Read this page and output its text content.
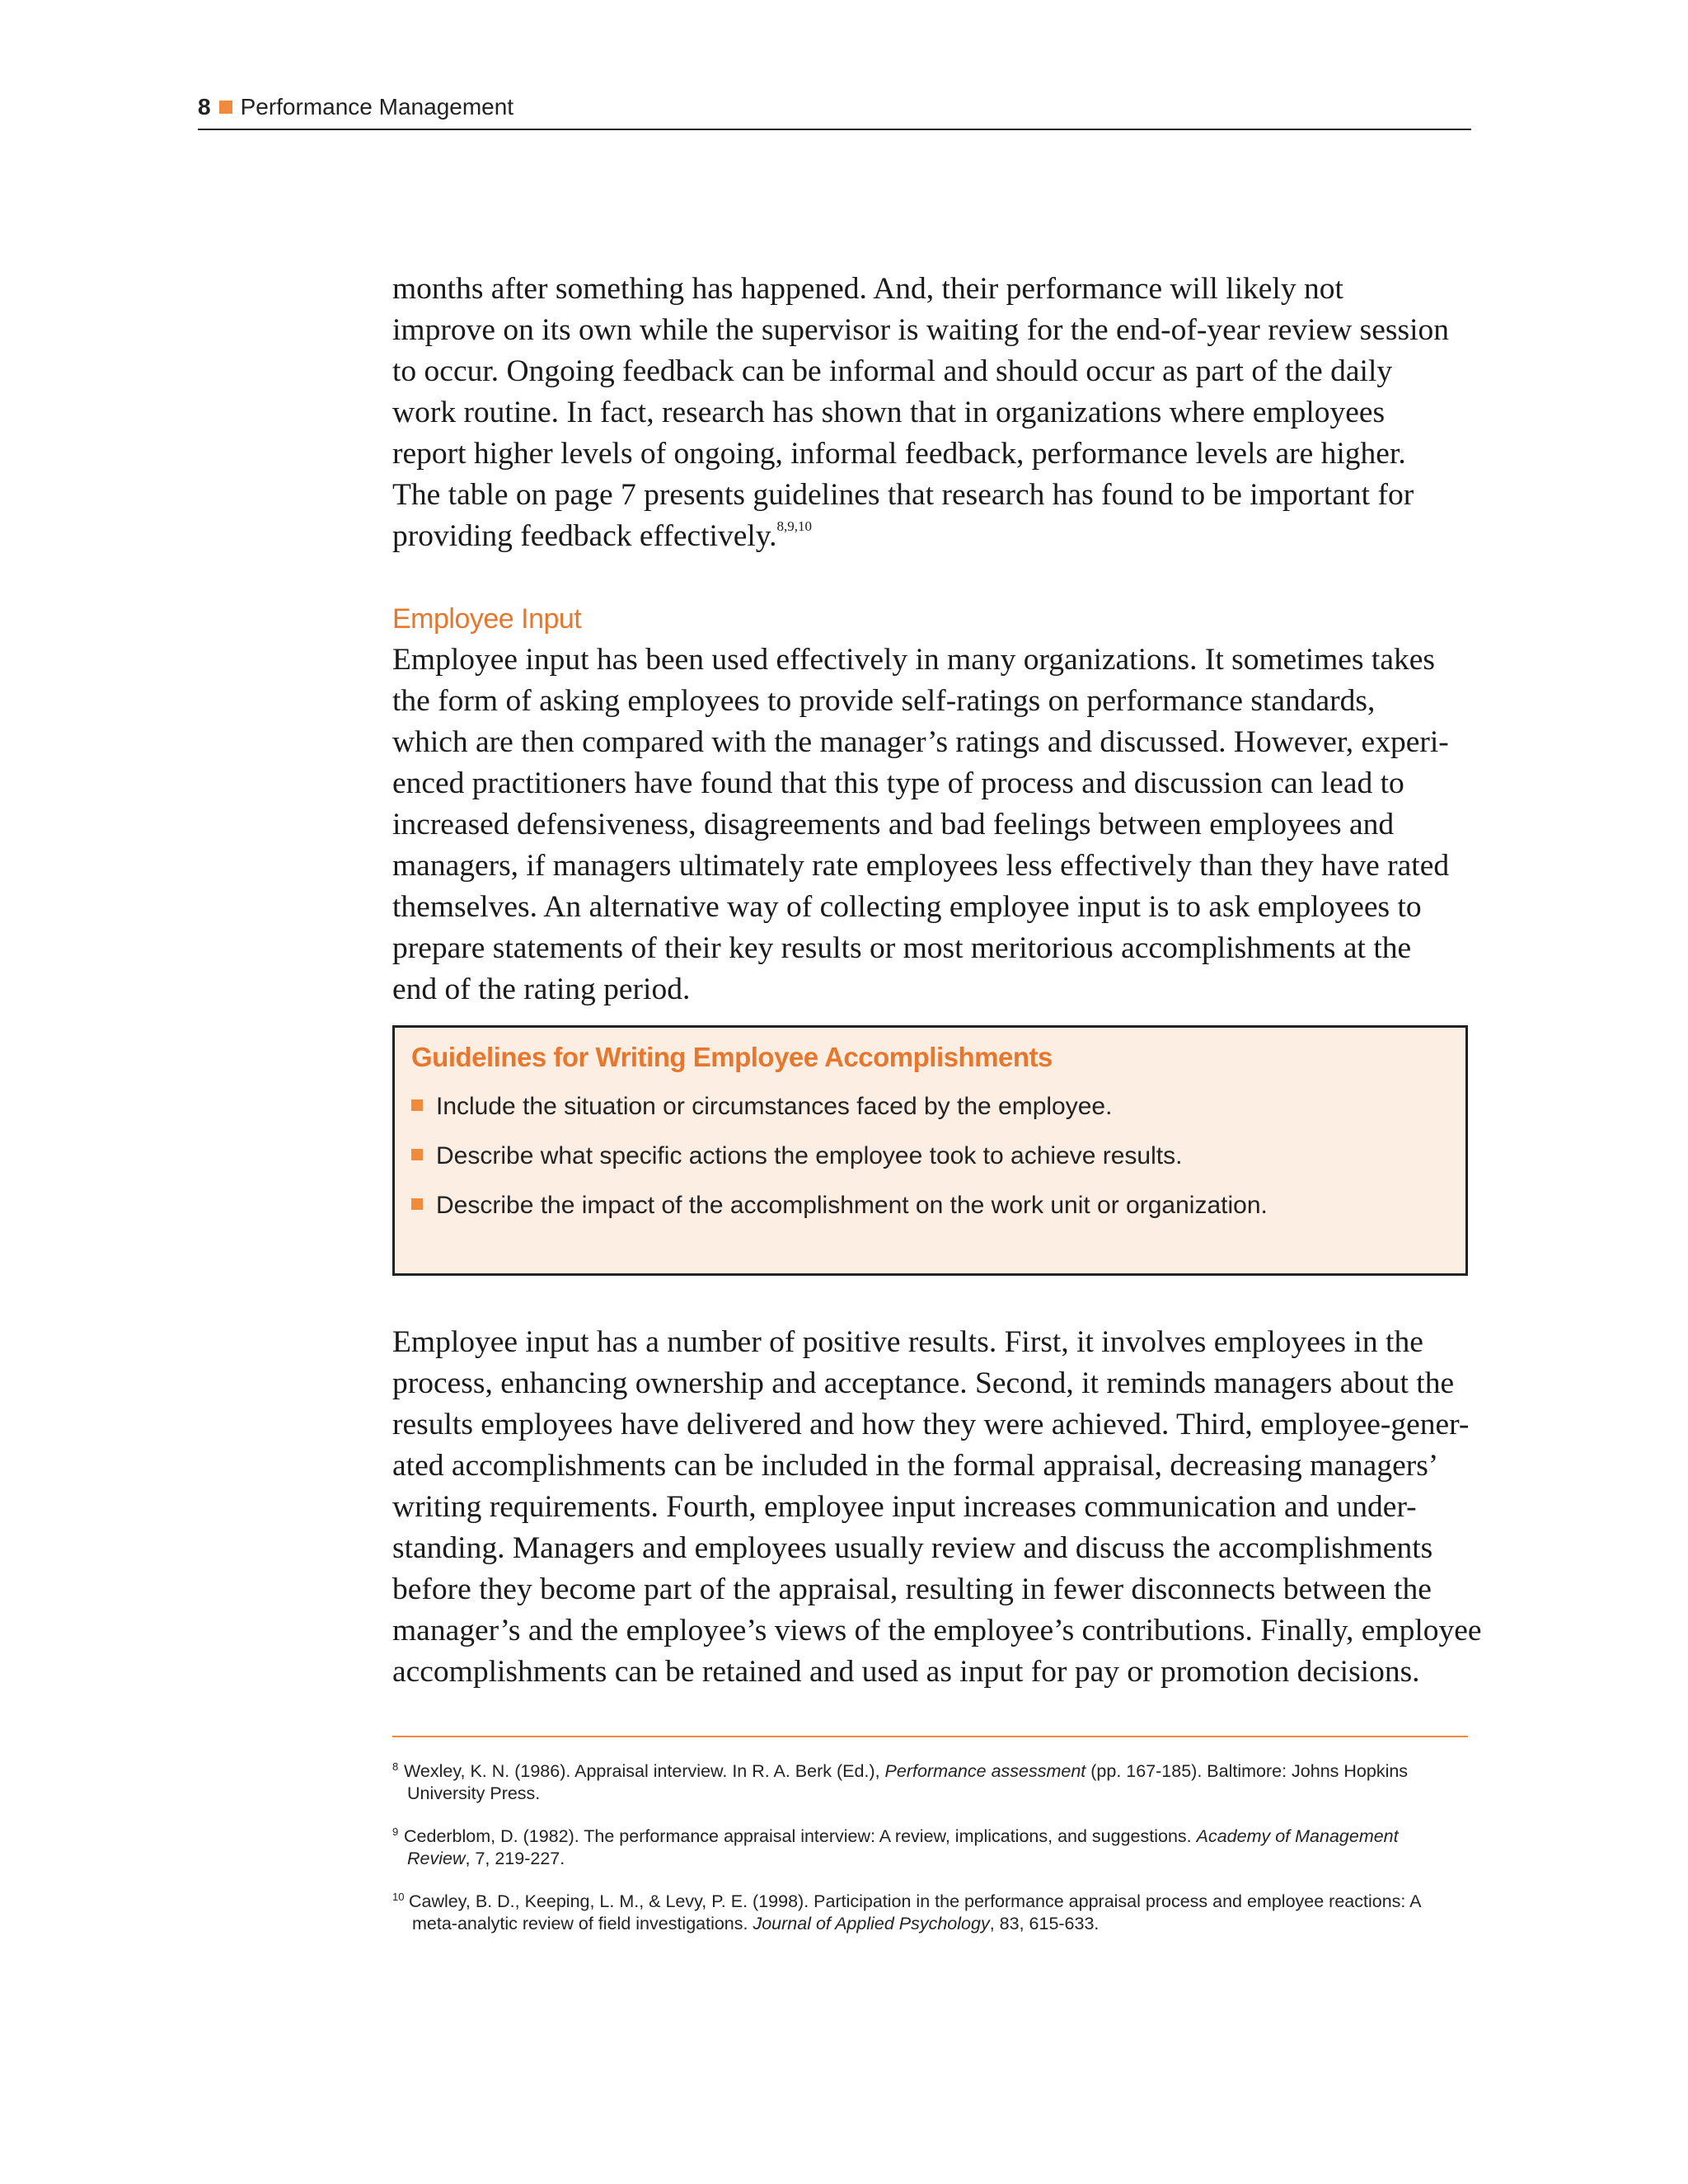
8 Performance Management

months after something has happened. And, their performance will likely not
improve on its own while the supervisor is waiting for the end-of-year review session
to occur. Ongoing feedback can be informal and should occur as part of the daily
work routine. In fact, research has shown that in organizations where employees
report higher levels of ongoing, informal feedback, performance levels are higher.
The table on page 7 presents guidelines that research has found to be important for
providing feedback effectively.$^{8,9,10}$

Employee Input

Employee input has been used effectively in many organizations. It sometimes takes
the form of asking employees to provide self-ratings on performance standards,
which are then compared with the manager’s ratings and discussed. However, experi-
enced practitioners have found that this type of process and discussion can lead to
increased defensiveness, disagreements and bad feelings between employees and
managers, if managers ultimately rate employees less effectively than they have rated
themselves. An alternative way of collecting employee input is to ask employees to
prepare statements of their key results or most meritorious accomplishments at the
end of the rating period.

Guidelines for Writing Employee Accomplishments
Include the situation or circumstances faced by the employee.
Describe what specific actions the employee took to achieve results.
Describe the impact of the accomplishment on the work unit or organization.

Employee input has a number of positive results. First, it involves employees in the
process, enhancing ownership and acceptance. Second, it reminds managers about the
results employees have delivered and how they were achieved. Third, employee-gener-
ated accomplishments can be included in the formal appraisal, decreasing managers’
writing requirements. Fourth, employee input increases communication and under-
standing. Managers and employees usually review and discuss the accomplishments
before they become part of the appraisal, resulting in fewer disconnects between the
manager’s and the employee’s views of the employee’s contributions. Finally, employee
accomplishments can be retained and used as input for pay or promotion decisions.

8 Wexley, K. N. (1986). Appraisal interview. In R. A. Berk (Ed.), Performance assessment (pp. 167-185). Baltimore: Johns Hopkins
University Press.
9 Cederblom, D. (1982). The performance appraisal interview: A review, implications, and suggestions. Academy of Management
Review, 7, 219-227.
10 Cawley, B. D., Keeping, L. M., & Levy, P. E. (1998). Participation in the performance appraisal process and employee reactions: A
meta-analytic review of field investigations. Journal of Applied Psychology, 83, 615-633.
